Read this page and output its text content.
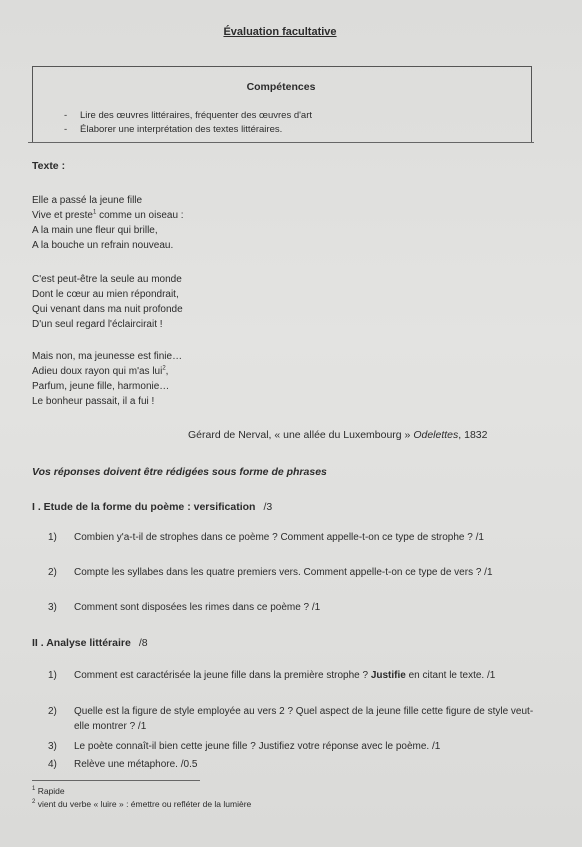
Évaluation facultative
Compétences
- Lire des œuvres littéraires, fréquenter des œuvres d'art
- Élaborer une interprétation des textes littéraires.
Texte :
Elle a passé la jeune fille
Vive et preste$^1$ comme un oiseau :
A la main une fleur qui brille,
A la bouche un refrain nouveau.
C'est peut-être la seule au monde
Dont le cœur au mien répondrait,
Qui venant dans ma nuit profonde
D'un seul regard l'éclaircirait !
Mais non, ma jeunesse est finie…
Adieu doux rayon qui m'as lui$^2$,
Parfum, jeune fille, harmonie…
Le bonheur passait, il a fui !
Gérard de Nerval, « une allée du Luxembourg » Odelettes, 1832
Vos réponses doivent être rédigées sous forme de phrases
I . Etude de la forme du poème : versification /3
1)	Combien y'a-t-il de strophes dans ce poème ? Comment appelle-t-on ce type de strophe ? /1
2)	Compte les syllabes dans les quatre premiers vers. Comment appelle-t-on ce type de vers ? /1
3)	Comment sont disposées les rimes dans ce poème ? /1
II . Analyse littéraire /8
1)	Comment est caractérisée la jeune fille dans la première strophe ? Justifie en citant le texte. /1
2)	Quelle est la figure de style employée au vers 2 ? Quel aspect de la jeune fille cette figure de style veut-elle montrer ? /1
3)	Le poète connaît-il bien cette jeune fille ? Justifiez votre réponse avec le poème. /1
4)	Relève une métaphore. /0.5
$^1$ Rapide
$^2$ vient du verbe « luire » : émettre ou refléter de la lumière
